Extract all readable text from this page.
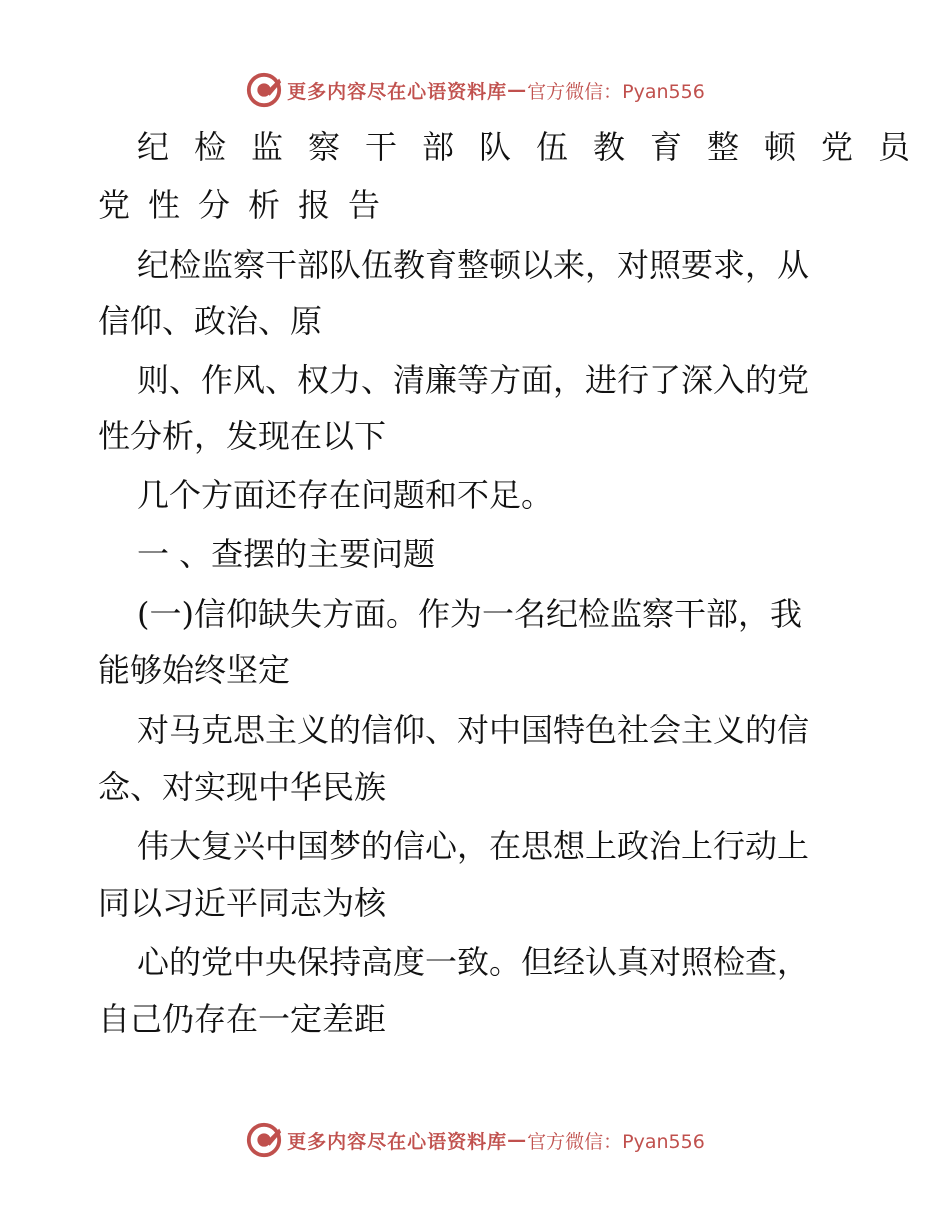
更多内容尽在心语资料库 — 官方微信：Pyan556
纪检监察干部队伍教育整顿党员
党性分析报告
纪检监察干部队伍教育整顿以来，对照要求，从
信仰、政治、原
则、作风、权力、清廉等方面，进行了深入的党
性分析，发现在以下
几个方面还存在问题和不足。
一 、查摆的主要问题
(一)信仰缺失方面。作为一名纪检监察干部，我
能够始终坚定
对马克思主义的信仰、对中国特色社会主义的信
念、对实现中华民族
伟大复兴中国梦的信心，在思想上政治上行动上
同以习近平同志为核
心的党中央保持高度一致。但经认真对照检查，
自己仍存在一定差距
更多内容尽在心语资料库 — 官方微信：Pyan556
